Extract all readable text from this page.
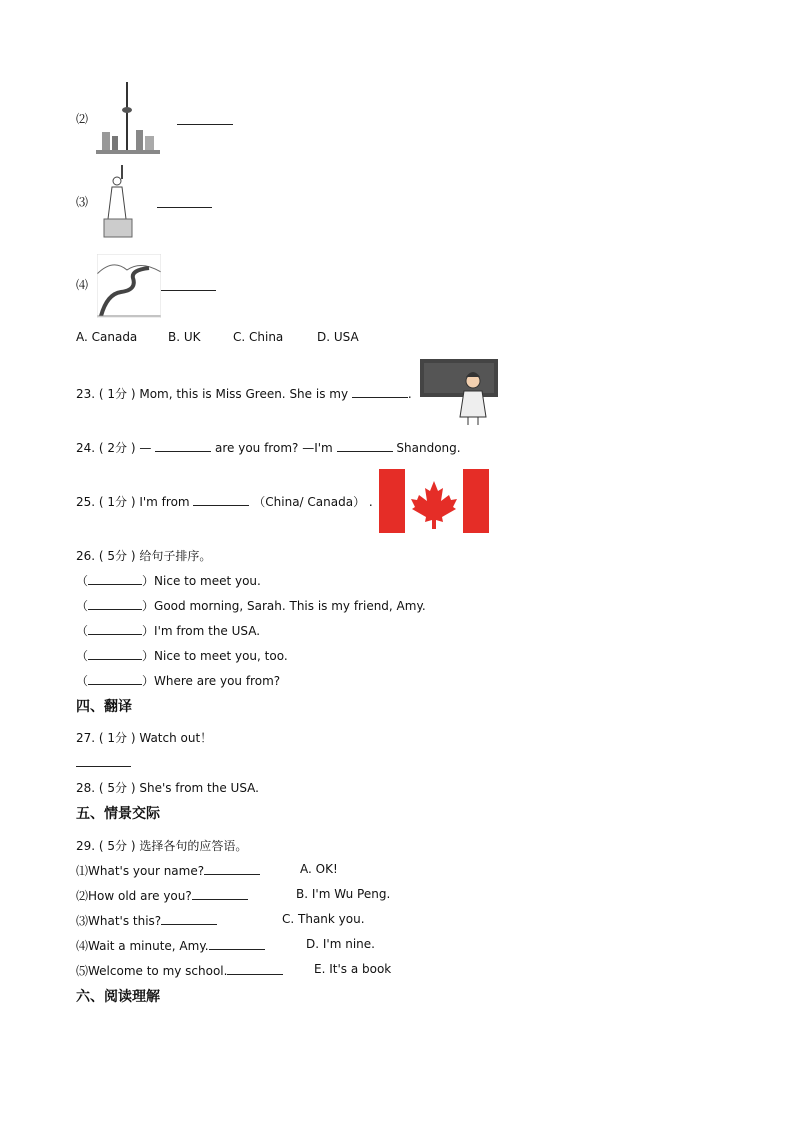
⑵
⑶
⑷
A. Canada	B. UK	C. China	D. USA
23. ( 1分 ) Mom, this is Miss Green. She is my	.
24. ( 2分 ) —	are you from? —I'm	Shandong.
25. ( 1分 ) I'm from	（China/ Canada） .
26. ( 5分 ) 给句子排序。
（	）Nice to meet you.
（	）Good morning, Sarah. This is my friend, Amy.
（	）I'm from the USA.
（	）Nice to meet you, too.
（	）Where are you from?
四、翻译
27. ( 1分 ) Watch out！
28. ( 5分 ) She's from the USA.
五、情景交际
29. ( 5分 ) 选择各句的应答语。
⑴What's your name?	A. OK!
⑵How old are you?	B. I'm Wu Peng.
⑶What's this?	C. Thank you.
⑷Wait a minute, Amy.	D. I'm nine.
⑸Welcome to my school.	E. It's a book
六、阅读理解
